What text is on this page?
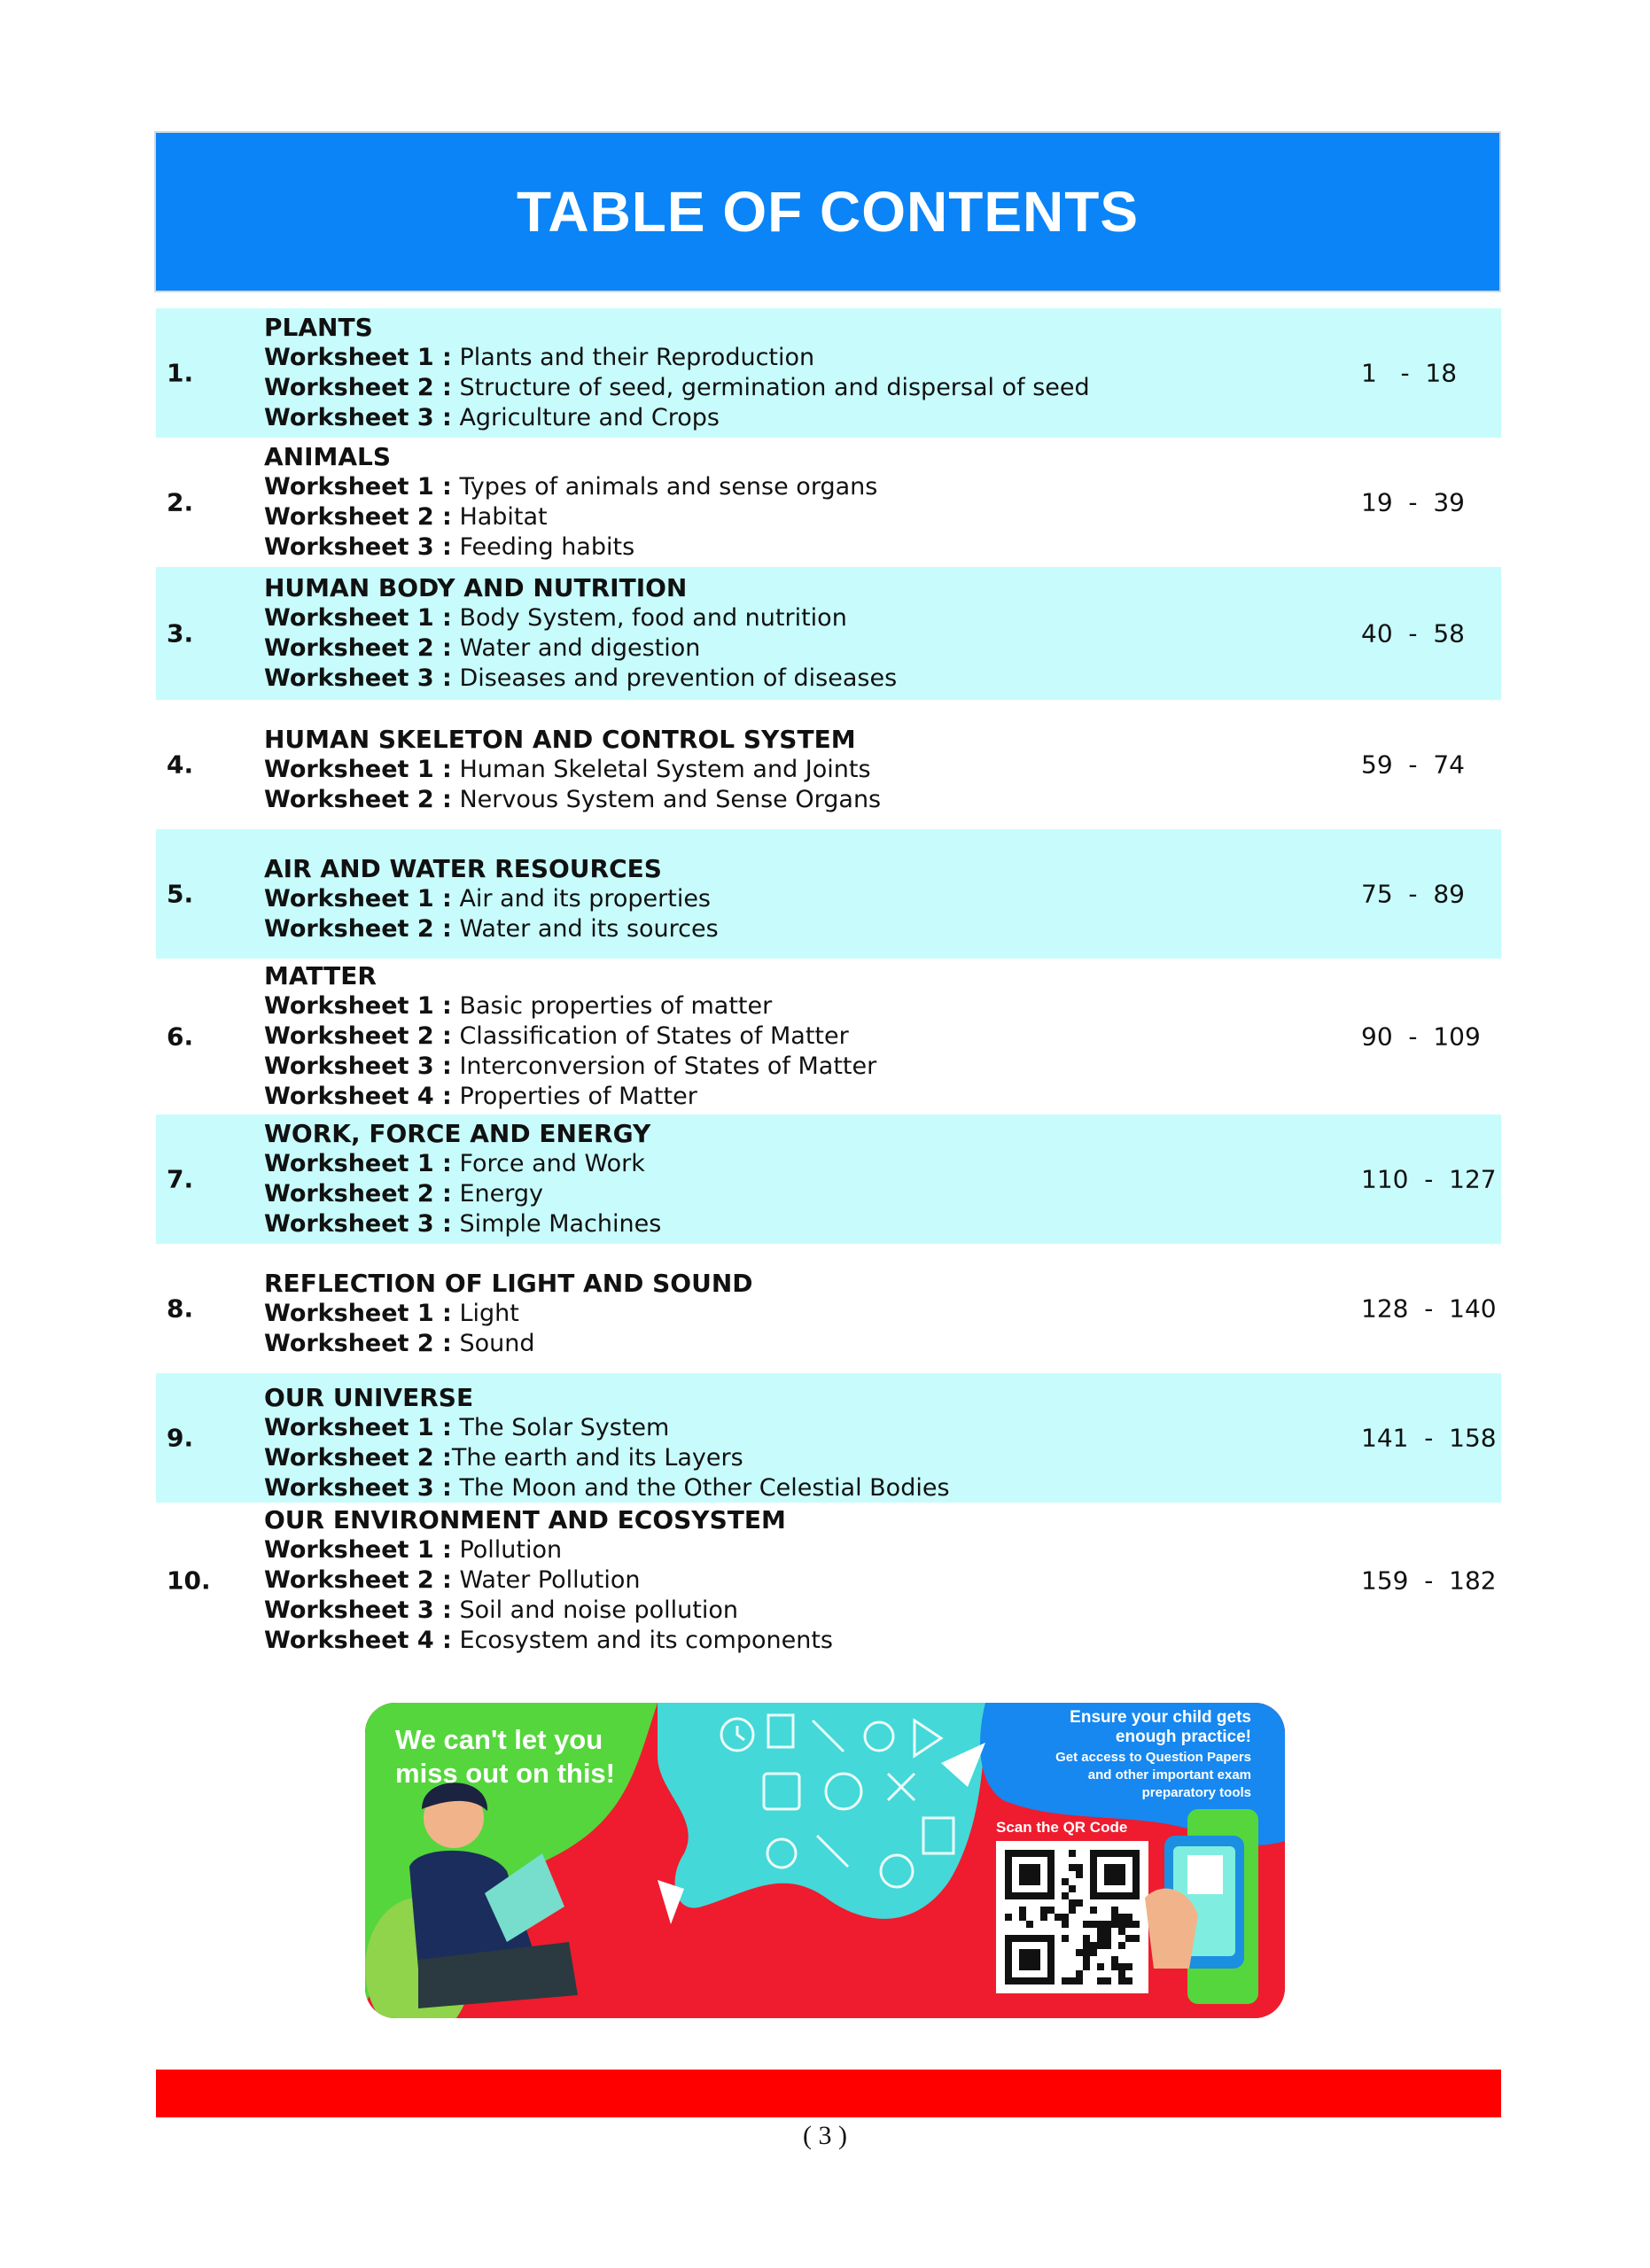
TABLE OF CONTENTS
1.
PLANTS
Worksheet 1 : Plants and their Reproduction
Worksheet 2 : Structure of seed, germination and dispersal of seed
Worksheet 3 : Agriculture and Crops
1   -  18
2.
ANIMALS
Worksheet 1 : Types of animals and sense organs
Worksheet 2 : Habitat
Worksheet 3 : Feeding habits
19  -  39
3.
HUMAN BODY AND NUTRITION
Worksheet 1 : Body System, food and nutrition
Worksheet 2 : Water and digestion
Worksheet 3 : Diseases and prevention of diseases
40  -  58
4.
HUMAN SKELETON AND CONTROL SYSTEM
Worksheet 1 : Human Skeletal System and Joints
Worksheet 2 : Nervous System and Sense Organs
59  -  74
5.
AIR AND WATER RESOURCES
Worksheet 1 : Air and its properties
Worksheet 2 : Water and its sources
75  -  89
6.
MATTER
Worksheet 1 : Basic properties of matter
Worksheet 2 : Classification of States of Matter
Worksheet 3 : Interconversion of States of Matter
Worksheet 4 : Properties of Matter
90  -  109
7.
WORK, FORCE AND ENERGY
Worksheet 1 : Force and Work
Worksheet 2 : Energy
Worksheet 3 : Simple Machines
110  -  127
8.
REFLECTION OF LIGHT AND SOUND
Worksheet 1 : Light
Worksheet 2 : Sound
128  -  140
9.
OUR UNIVERSE
Worksheet 1 : The Solar System
Worksheet 2 :The earth and its Layers
Worksheet 3 : The Moon and the Other Celestial Bodies
141  -  158
10.
OUR ENVIRONMENT AND ECOSYSTEM
Worksheet 1 : Pollution
Worksheet 2 : Water Pollution
Worksheet 3 : Soil and noise pollution
Worksheet 4 : Ecosystem and its components
159  -  182
We can't let you
miss out on this!
Ensure your child gets
enough practice!
Get access to Question Papers
and other important exam
preparatory tools
Scan the QR Code
( 3 )
